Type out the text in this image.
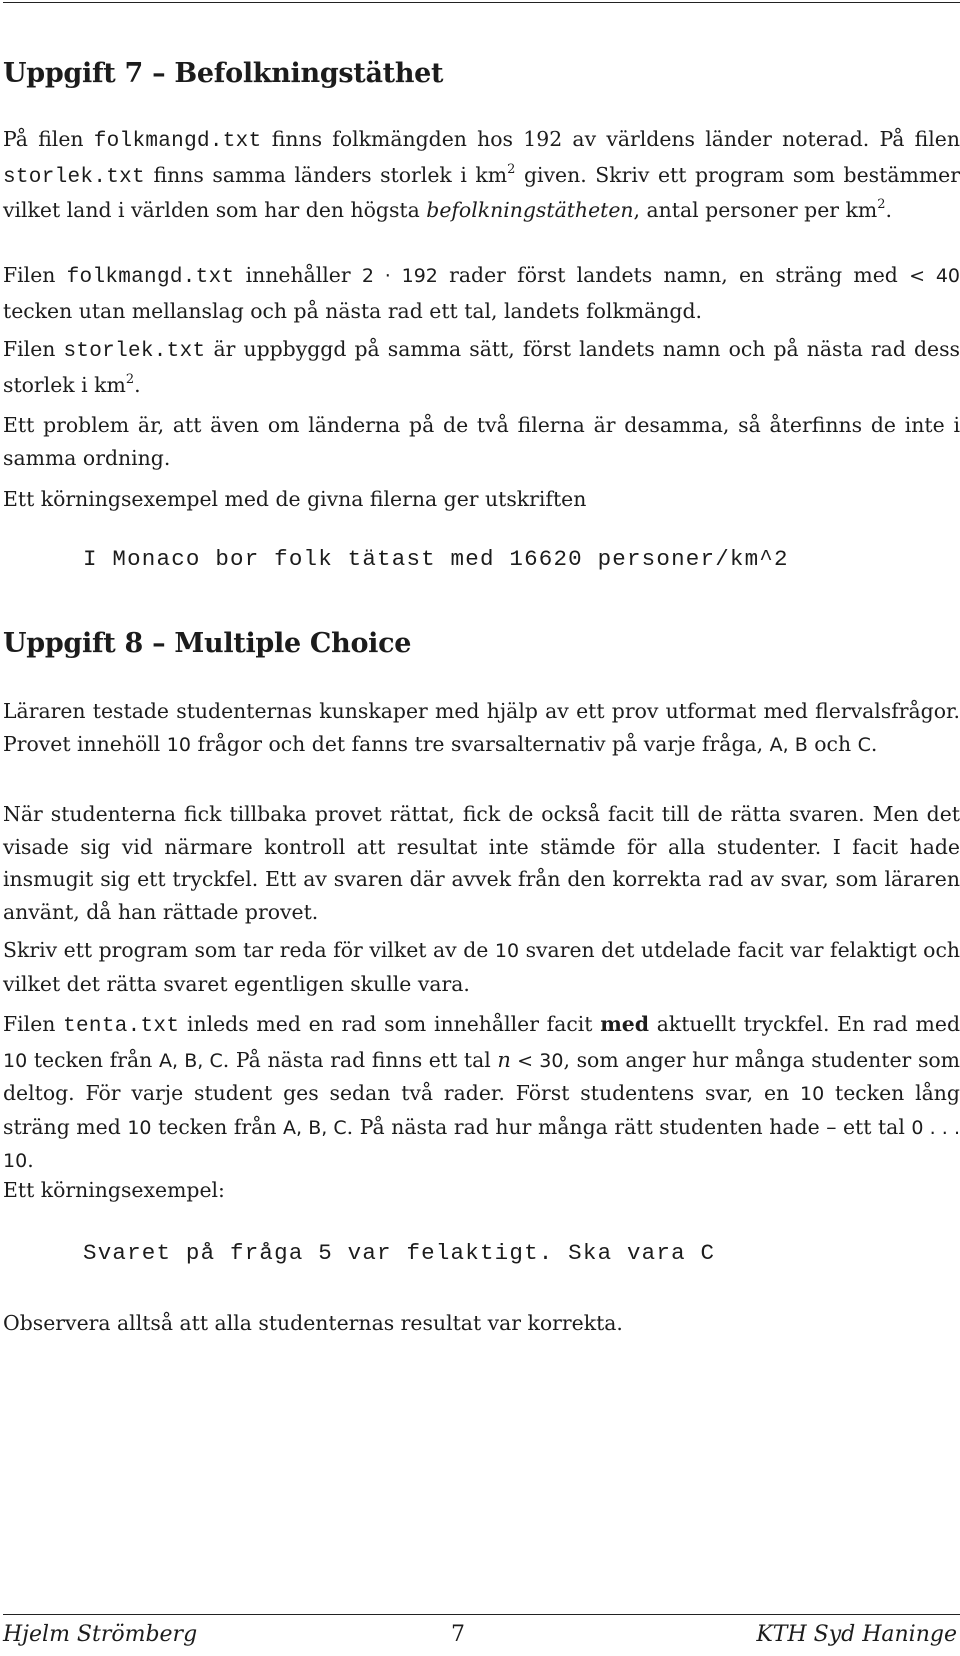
Uppgift 7 – Befolkningstäthet

På filen folkmangd.txt finns folkmängden hos 192 av världens länder noterad. På filen storlek.txt finns samma länders storlek i $km^2$ given. Skriv ett program som bestämmer vilket land i världen som har den högsta befolkningstätheten, antal personer per $km^2$.

Filen folkmangd.txt innehåller 2 · 192 rader först landets namn, en sträng med < 40 tecken utan mellanslag och på nästa rad ett tal, landets folkmängd.

Filen storlek.txt är uppbyggd på samma sätt, först landets namn och på nästa rad dess storlek i $km^2$.

Ett problem är, att även om länderna på de två filerna är desamma, så återfinns de inte i samma ordning.

Ett körningsexempel med de givna filerna ger utskriften

I Monaco bor folk tätast med 16620 personer/km^2

Uppgift 8 – Multiple Choice

Läraren testade studenternas kunskaper med hjälp av ett prov utformat med flervalsfrågor. Provet innehöll 10 frågor och det fanns tre svarsalternativ på varje fråga, A, B och C.

När studenterna fick tillbaka provet rättat, fick de också facit till de rätta svaren. Men det visade sig vid närmare kontroll att resultat inte stämde för alla studenter. I facit hade insmugit sig ett tryckfel. Ett av svaren där avvek från den korrekta rad av svar, som läraren använt, då han rättade provet.

Skriv ett program som tar reda för vilket av de 10 svaren det utdelade facit var felaktigt och vilket det rätta svaret egentligen skulle vara.

Filen tenta.txt inleds med en rad som innehåller facit med aktuellt tryckfel. En rad med 10 tecken från A, B, C. På nästa rad finns ett tal n < 30, som anger hur många studenter som deltog. För varje student ges sedan två rader. Först studentens svar, en 10 tecken lång sträng med 10 tecken från A, B, C. På nästa rad hur många rätt studenten hade – ett tal 0 . . . 10.

Ett körningsexempel:

Svaret på fråga 5 var felaktigt. Ska vara C

Observera alltså att alla studenternas resultat var korrekta.

Hjelm Strömberg	7	KTH Syd Haninge
